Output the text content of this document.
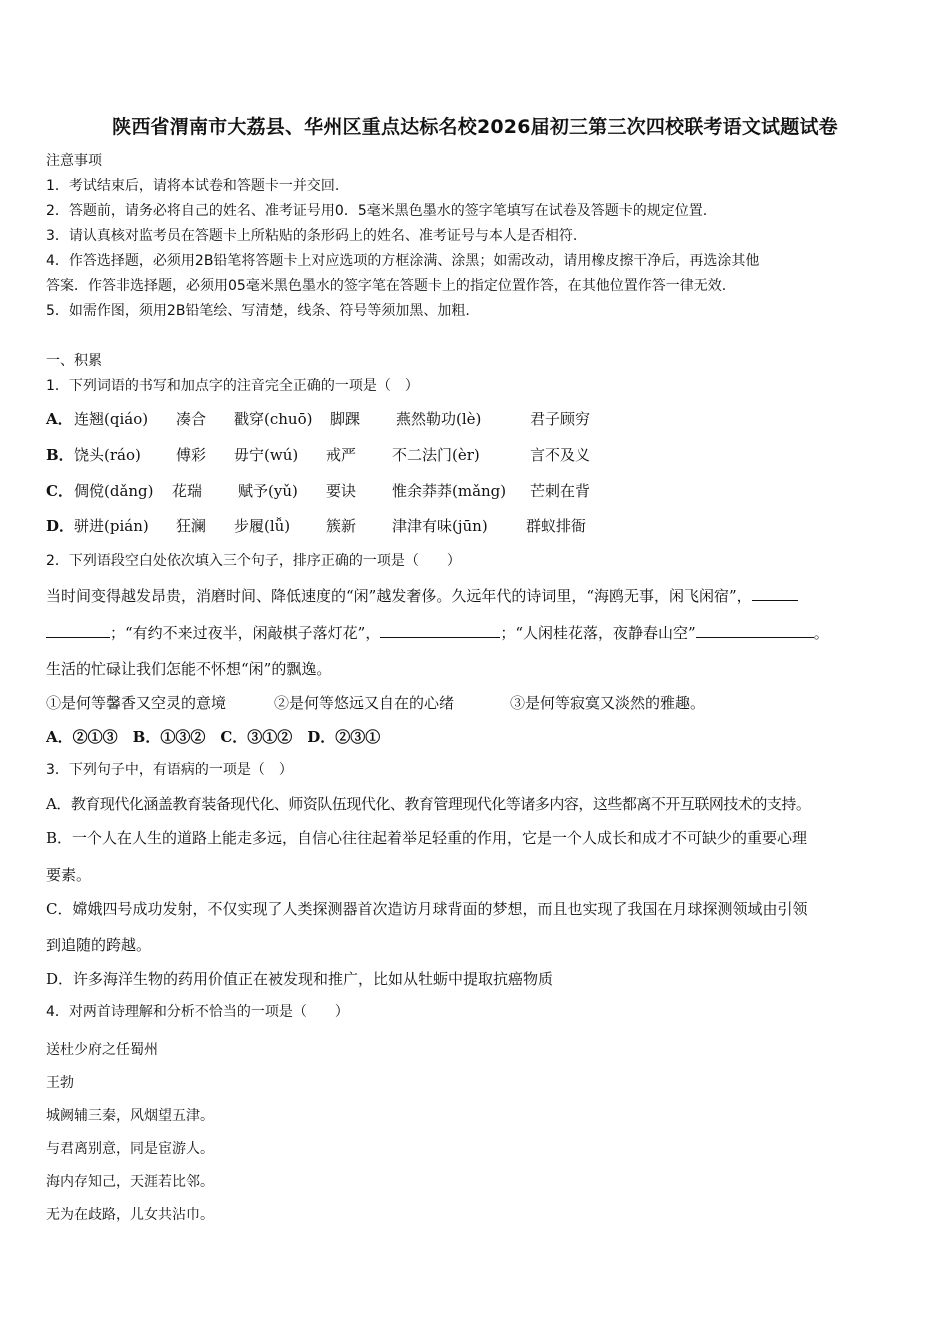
陕西省渭南市大荔县、华州区重点达标名校2026届初三第三次四校联考语文试题试卷
注意事项
1．考试结束后，请将本试卷和答题卡一并交回.
2．答题前，请务必将自己的姓名、准考证号用0．5毫米黑色墨水的签字笔填写在试卷及答题卡的规定位置.
3．请认真核对监考员在答题卡上所粘贴的条形码上的姓名、准考证号与本人是否相符.
4．作答选择题，必须用2B铅笔将答题卡上对应选项的方框涂满、涂黑；如需改动，请用橡皮擦干净后，再选涂其他
答案．作答非选择题，必须用05毫米黑色墨水的签字笔在答题卡上的指定位置作答，在其他位置作答一律无效.
5．如需作图，须用2B铅笔绘、写清楚，线条、符号等须加黑、加粗.
一、积累
1．下列词语的书写和加点字的注音完全正确的一项是（　）
A． 连翘(qiáo) 凑合 戳穿(chuō) 脚踝 燕然勒功(lè)	君子顾穷
B． 饶头(ráo) 傅彩 毋宁(wú) 戒严 不二法门(èr)	言不及义
C． 倜傥(dǎng) 花瑞 赋予(yǔ) 要诀 惟余莽莽(mǎng) 芒刺在背
D． 骈进(pián) 狂澜 步履(lǚ) 簇新 津津有味(jūn)	群蚁排衙
2．下列语段空白处依次填入三个句子，排序正确的一项是（　　）
当时间变得越发昂贵，消磨时间、降低速度的“闲”越发奢侈。久远年代的诗词里，“海鸥无事，闲飞闲宿”，
；“有约不来过夜半，闲敲棋子落灯花”，	；“人闲桂花落，夜静春山空”	。
生活的忙碌让我们怎能不怀想“闲”的飘逸。
①是何等馨香又空灵的意境	②是何等悠远又自在的心绪	③是何等寂寞又淡然的雅趣。
A．②①③　B．①③②　C．③①②　D．②③①
3．下列句子中，有语病的一项是（　）
A．教育现代化涵盖教育装备现代化、师资队伍现代化、教育管理现代化等诸多内容，这些都离不开互联网技术的支持。
B．一个人在人生的道路上能走多远，自信心往往起着举足轻重的作用，它是一个人成长和成才不可缺少的重要心理
要素。
C．嫦娥四号成功发射，不仅实现了人类探测器首次造访月球背面的梦想，而且也实现了我国在月球探测领域由引领
到追随的跨越。
D．许多海洋生物的药用价值正在被发现和推广，比如从牡蛎中提取抗癌物质
4．对两首诗理解和分析不恰当的一项是（　　）
送杜少府之任蜀州
王勃
城阙辅三秦，风烟望五津。
与君离别意，同是宦游人。
海内存知己，天涯若比邻。
无为在歧路，儿女共沾巾。
